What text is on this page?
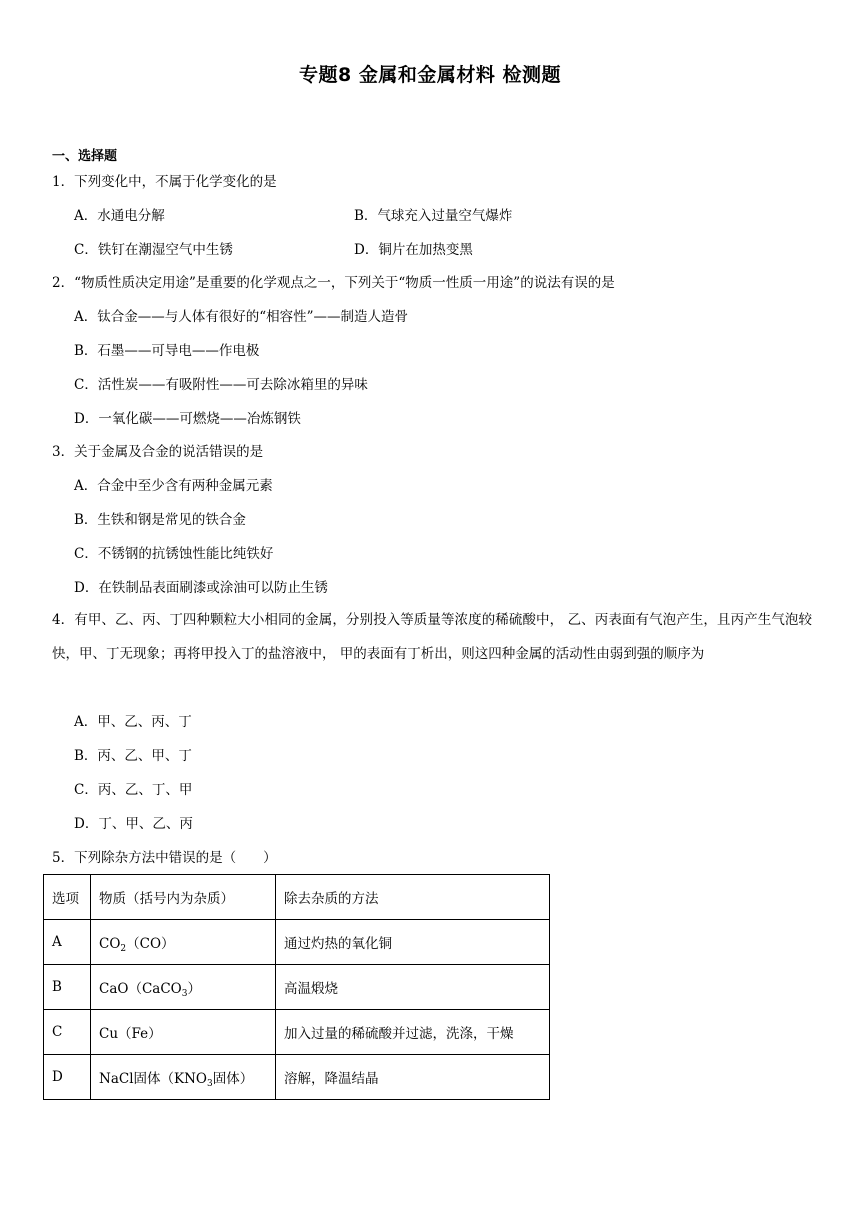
专题8 金属和金属材料 检测题
一、选择题
1．下列变化中，不属于化学变化的是
A．水通电分解	B．气球充入过量空气爆炸
C．铁钉在潮湿空气中生锈	D．铜片在加热变黑
2．“物质性质决定用途”是重要的化学观点之一，下列关于“物质一性质一用途”的说法有误的是
A．钛合金——与人体有很好的“相容性”——制造人造骨
B．石墨——可导电——作电极
C．活性炭——有吸附性——可去除冰箱里的异味
D．一氧化碳——可燃烧——冶炼钢铁
3．关于金属及合金的说活错误的是
A．合金中至少含有两种金属元素
B．生铁和钢是常见的铁合金
C．不锈钢的抗锈蚀性能比纯铁好
D．在铁制品表面刷漆或涂油可以防止生锈
4．有甲、乙、丙、丁四种颗粒大小相同的金属，分别投入等质量等浓度的稀硫酸中， 乙、丙表面有气泡产生，且丙产生气泡较快，甲、丁无现象；再将甲投入丁的盐溶液中， 甲的表面有丁析出，则这四种金属的活动性由弱到强的顺序为
A．甲、乙、丙、丁
B．丙、乙、甲、丁
C．丙、乙、丁、甲
D．丁、甲、乙、丙
5．下列除杂方法中错误的是（　　）
选项	物质（括号内为杂质）	除去杂质的方法
A	$CO_2(CO)$	通过灼热的氧化铜
B	CaO（CaCO$_3$）	高温煅烧
C	Cu（Fe）	加入过量的稀硫酸并过滤，洗涤，干燥
D	NaCl固体（$KNO_3$固体）	溶解，降温结晶
